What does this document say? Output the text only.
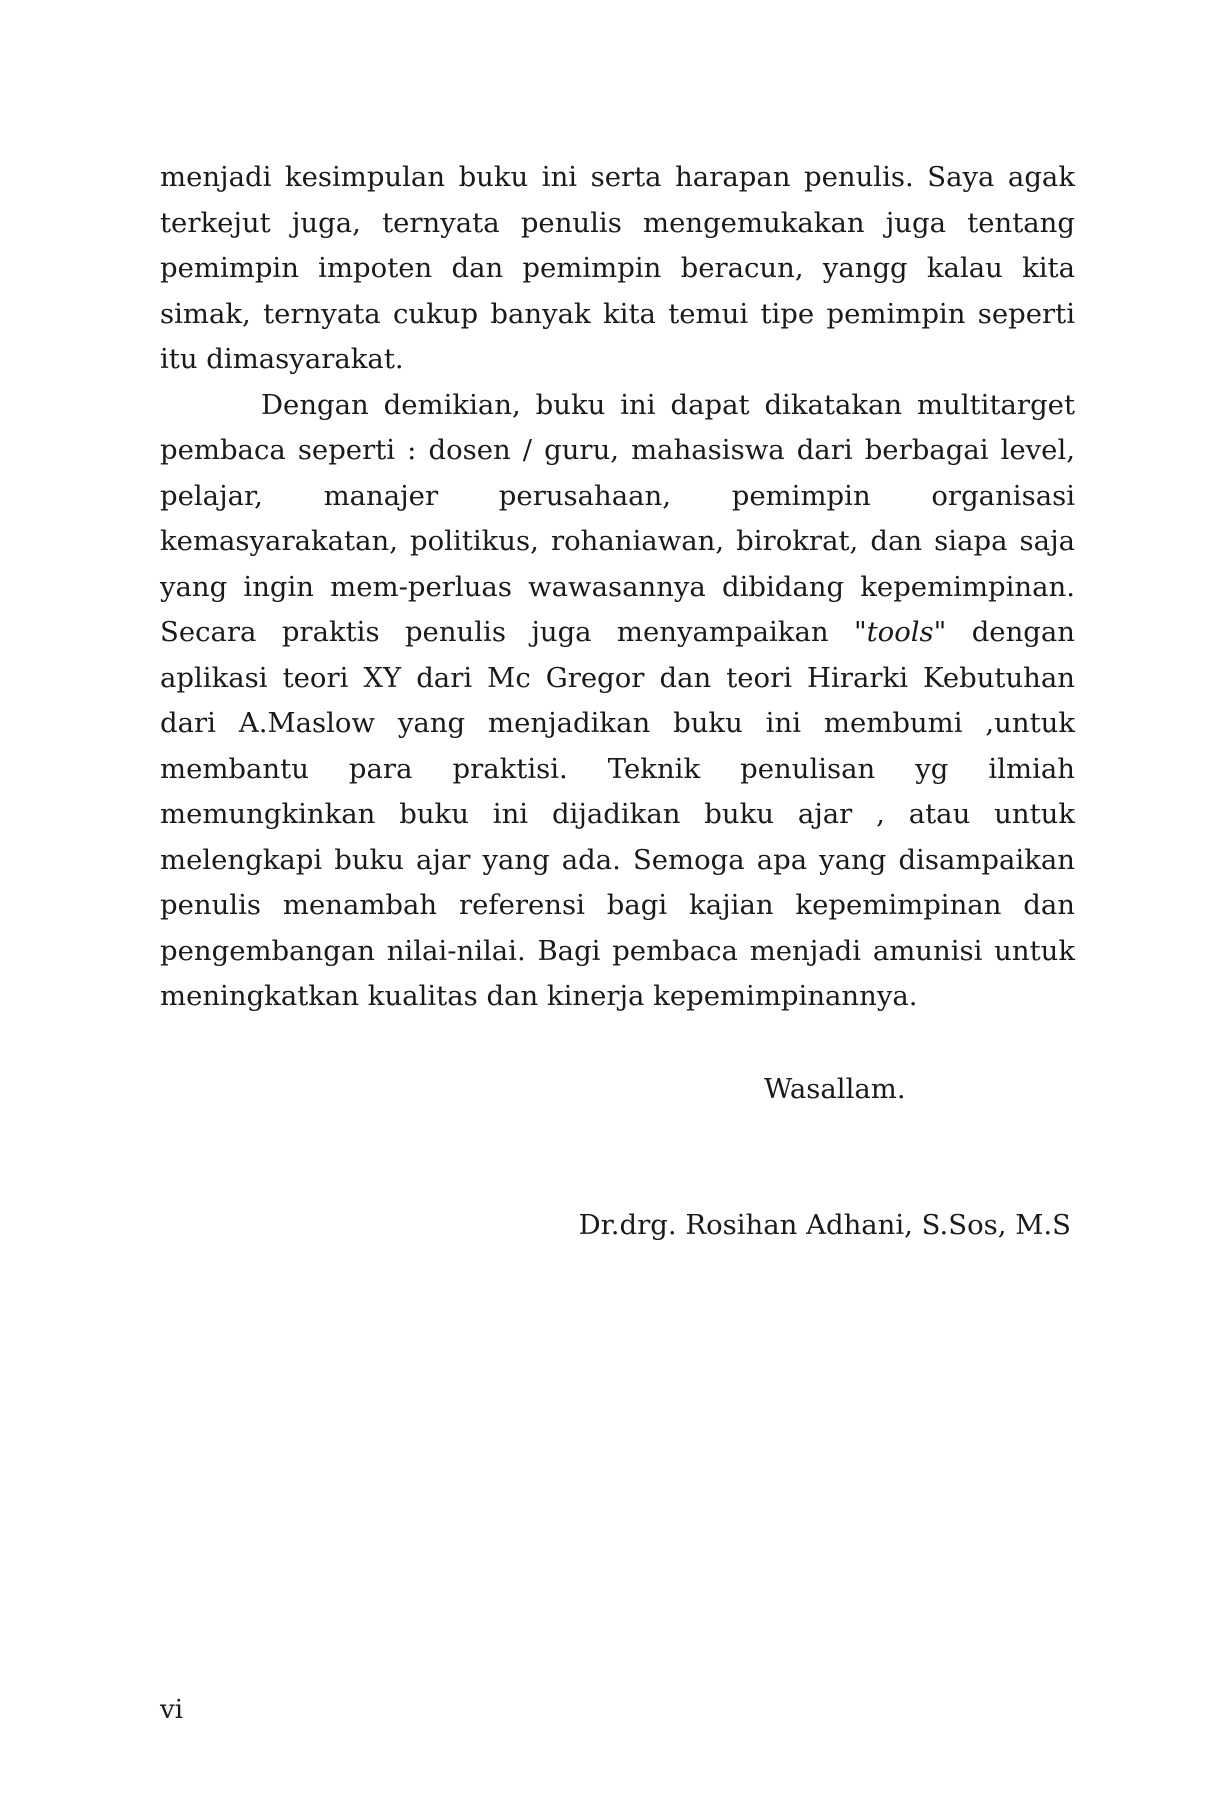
menjadi kesimpulan buku ini serta harapan penulis. Saya agak terkejut juga, ternyata penulis mengemukakan juga tentang pemimpin impoten dan pemimpin beracun, yangg kalau kita simak, ternyata cukup banyak kita temui tipe pemimpin seperti itu dimasyarakat.

Dengan demikian, buku ini dapat dikatakan multitarget pembaca seperti : dosen / guru, mahasiswa dari berbagai level, pelajar, manajer perusahaan, pemimpin organisasi kemasyarakatan, politikus, rohaniawan, birokrat, dan siapa saja yang ingin mem-perluas wawasannya dibidang kepemimpinan. Secara praktis penulis juga menyampaikan "tools" dengan aplikasi teori XY dari Mc Gregor dan teori Hirarki Kebutuhan dari A.Maslow yang menjadikan buku ini membumi ,untuk membantu para praktisi. Teknik penulisan yg ilmiah memungkinkan buku ini dijadikan buku ajar , atau untuk melengkapi buku ajar yang ada. Semoga apa yang disampaikan penulis menambah referensi bagi kajian kepemimpinan dan pengembangan nilai-nilai. Bagi pembaca menjadi amunisi untuk meningkatkan kualitas dan kinerja kepemimpinannya.

Wasallam.
Dr.drg. Rosihan Adhani, S.Sos, M.S
vi
